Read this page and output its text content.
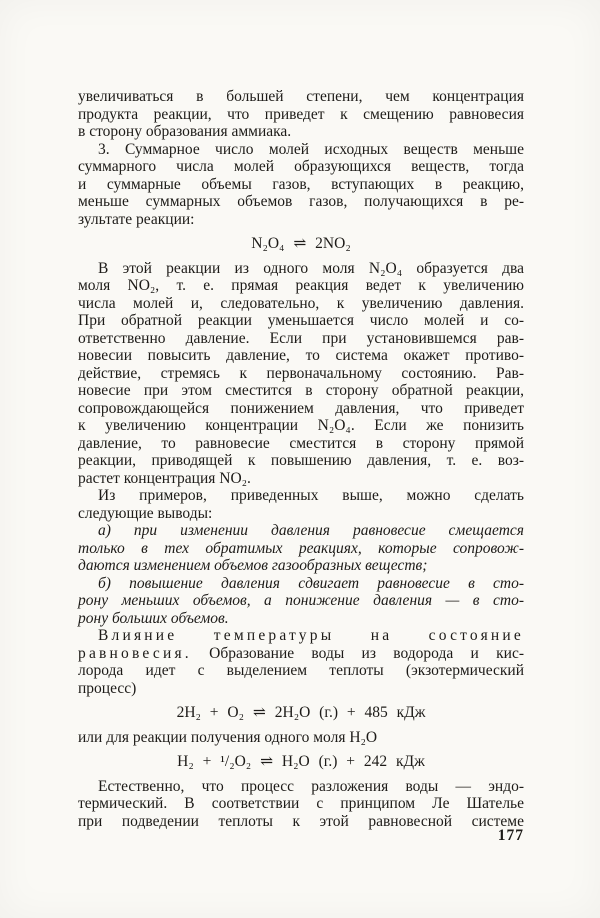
увеличиваться в большей степени, чем концентрация
продукта реакции, что приведет к смещению равновесия
в сторону образования аммиака.
3. Суммарное число молей исходных веществ меньше
суммарного числа молей образующихся веществ, тогда
и суммарные объемы газов, вступающих в реакцию,
меньше суммарных объемов газов, получающихся в ре-
зультате реакции:
N₂O₄ ⇌ 2NO₂
В этой реакции из одного моля N₂O₄ образуется два
моля NO₂, т. е. прямая реакция ведет к увеличению
числа молей и, следовательно, к увеличению давления.
При обратной реакции уменьшается число молей и со-
ответственно давление. Если при установившемся рав-
новесии повысить давление, то система окажет противо-
действие, стремясь к первоначальному состоянию. Рав-
новесие при этом сместится в сторону обратной реакции,
сопровождающейся понижением давления, что приведет
к увеличению концентрации N₂O₄. Если же понизить
давление, то равновесие сместится в сторону прямой
реакции, приводящей к повышению давления, т. е. воз-
растет концентрация NO₂.
Из примеров, приведенных выше, можно сделать
следующие выводы:
а) при изменении давления равновесие смещается
только в тех обратимых реакциях, которые сопровож-
даются изменением объемов газообразных веществ;
б) повышение давления сдвигает равновесие в сто-
рону меньших объемов, а понижение давления — в сто-
рону больших объемов.
Влияние температуры на состояние
равновесия. Образование воды из водорода и кис-
лорода идет с выделением теплоты (экзотермический
процесс)
2H₂ + O₂ ⇌ 2H₂O (г.) + 485 кДж
или для реакции получения одного моля H₂O
H₂ + ¹/₂O₂ ⇌ H₂O (г.) + 242 кДж
Естественно, что процесс разложения воды — эндо-
термический. В соответствии с принципом Ле Шателье
при подведении теплоты к этой равновесной системе
177
